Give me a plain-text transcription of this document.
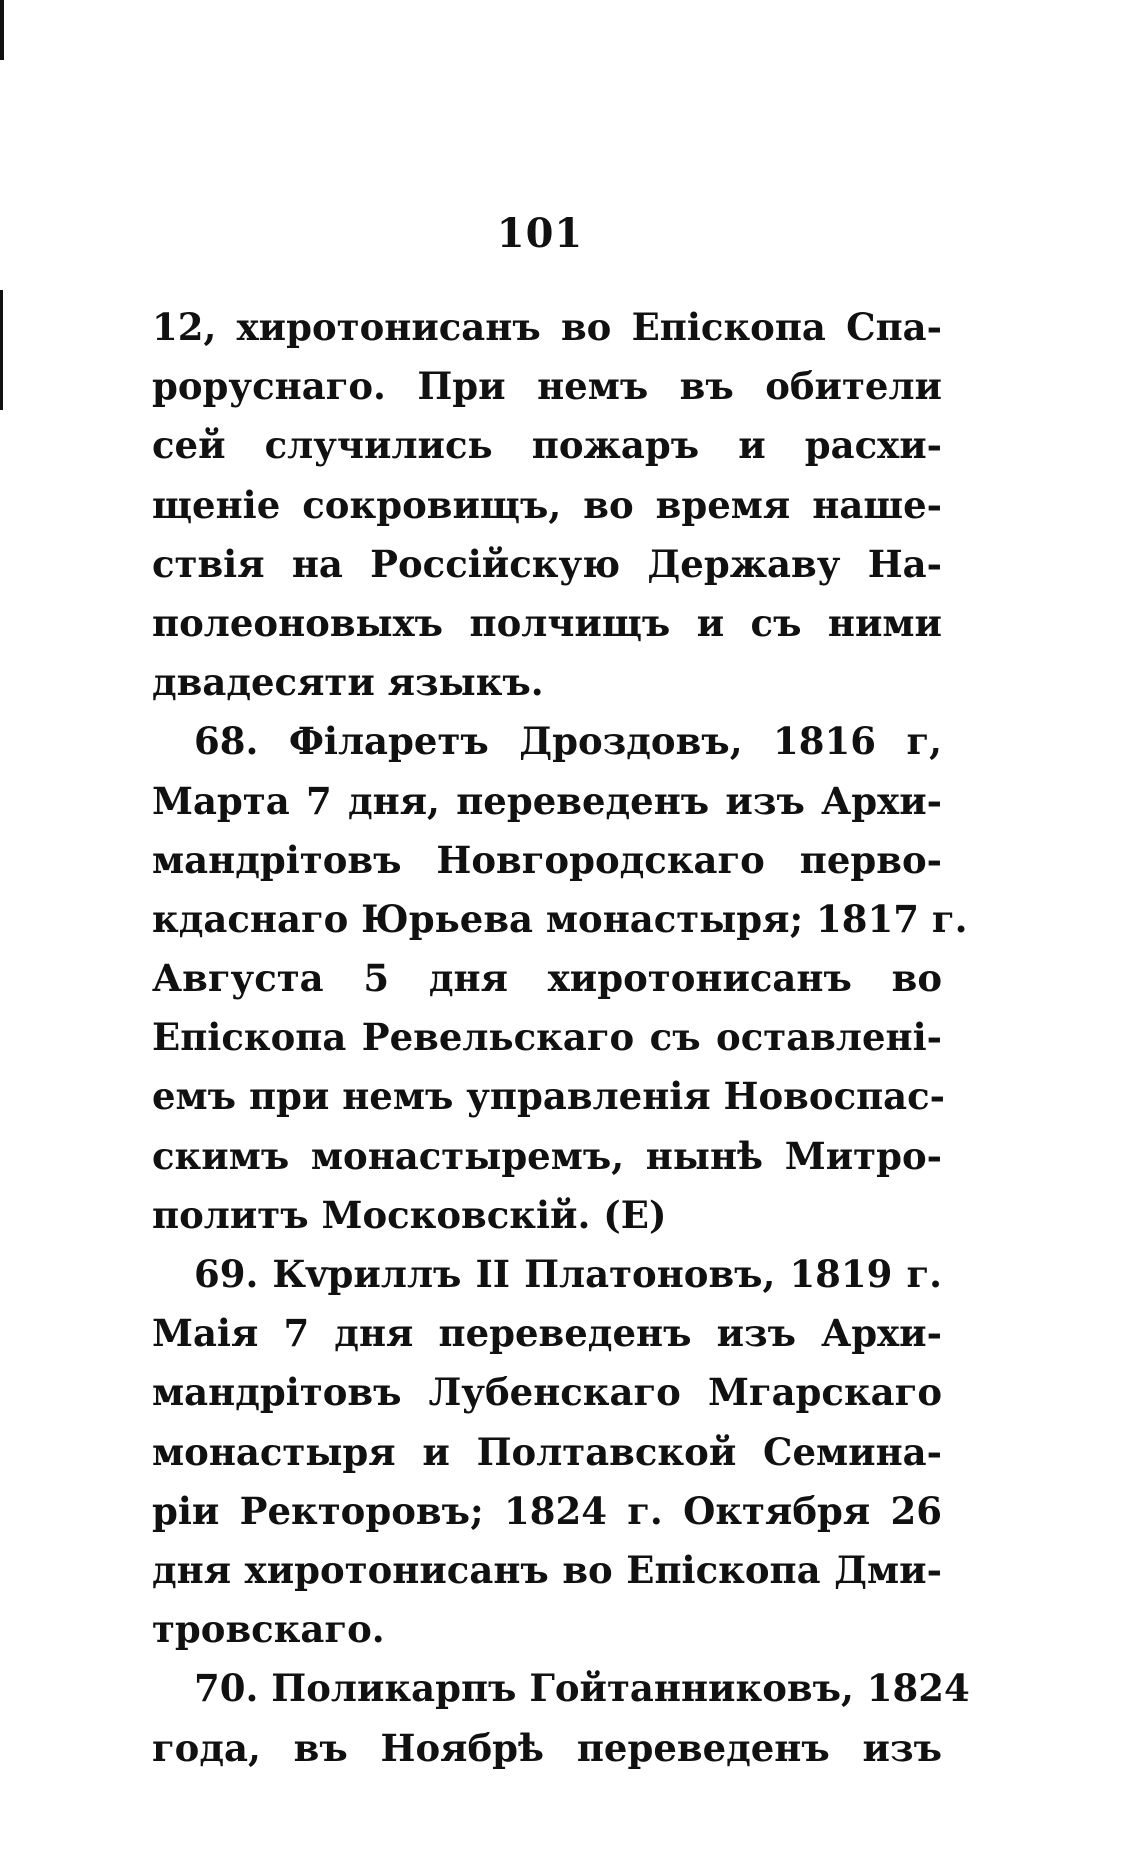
101
12, хиротонисанъ во Епіскопа Спа-
роруснаго. При немъ въ обители
сей случились пожаръ и расхи-
щеніе сокровищъ, во время наше-
ствія на Россійскую Державу На-
полеоновыхъ полчищъ и съ ними
двадесяти языкъ.
68. Філаретъ Дроздовъ, 1816 г,
Марта 7 дня, переведенъ изъ Архи-
мандрітовъ Новгородскаго перво-
кдаснаго Юрьева монастыря; 1817 г.
Августа 5 дня хиротонисанъ во
Епіскопа Ревельскаго съ оставлені-
емъ при немъ управленія Новоспас-
скимъ монастыремъ, нынѣ Митро-
политъ Московскій. (Е)
69. Кvриллъ II Платоновъ, 1819 г.
Маія 7 дня переведенъ изъ Архи-
мандрітовъ Лубенскаго Мгарскаго
монастыря и Полтавской Семина-
ріи Ректоровъ; 1824 г. Октября 26
дня хиротонисанъ во Епіскопа Дми-
тровскаго.
70. Поликарпъ Гойтанниковъ, 1824
года, въ Ноябрѣ переведенъ изъ
